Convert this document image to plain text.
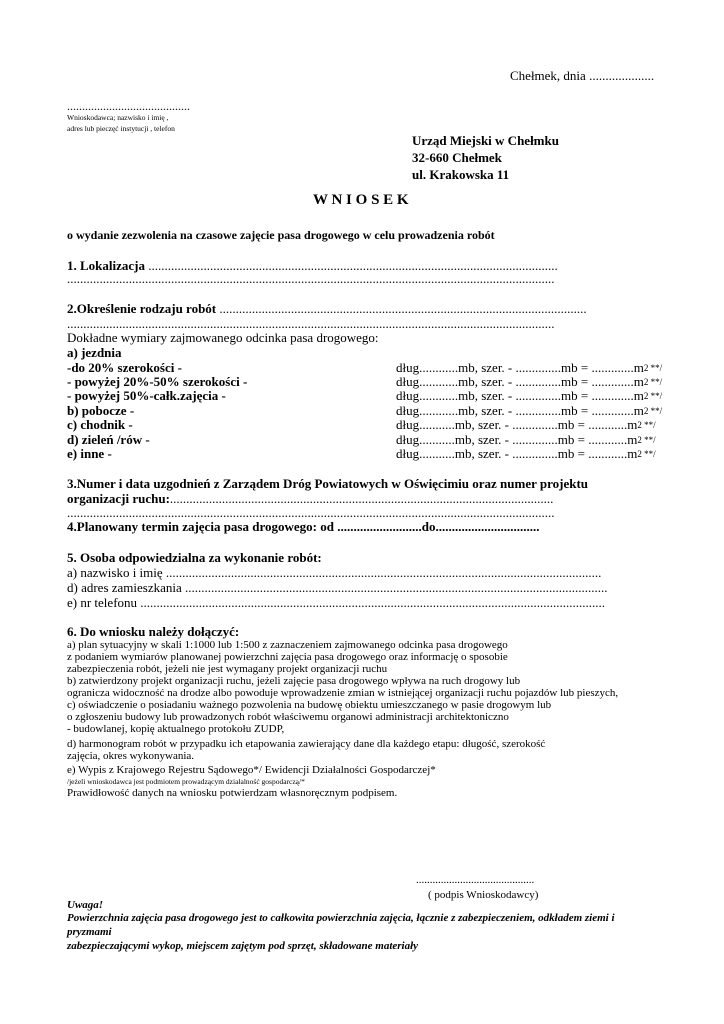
Chełmek, dnia ....................
.........................................
Wnioskodawca; nazwisko i imię ,
adres lub pieczęć instytucji , telefon
Urząd Miejski w Chełmku
32-660 Chełmek
ul. Krakowska 11
W N I O S E K
o wydanie zezwolenia na czasowe zajęcie pasa drogowego w celu prowadzenia robót
1. Lokalizacja ..............................................................................................................................
......................................................................................................................................................
2.Określenie rodzaju robót .................................................................................................................
......................................................................................................................................................
Dokładne wymiary zajmowanego odcinka pasa drogowego:
a) jezdnia
-do 20% szerokości -	dług............mb, szer. - ..............mb = .............m2 **/
- powyżej 20%-50% szerokości -	dług............mb, szer. - ..............mb = .............m2 **/
- powyżej 50%-całk.zajęcia -	dług............mb, szer. - ..............mb = .............m2 **/
b) pobocze -	dług............mb, szer. - ..............mb = .............m2 **/
c) chodnik -	dług...........mb, szer. - ..............mb = ............m2 **/
d) zieleń /rów -	dług...........mb, szer. - ..............mb = ............m2 **/
e) inne -	dług...........mb, szer. - ..............mb = ............m2 **/
3.Numer i data uzgodnień z Zarządem Dróg Powiatowych w Oświęcimiu oraz numer projektu
organizacji ruchu:......................................................................................................................
......................................................................................................................................................
4.Planowany termin zajęcia pasa drogowego: od ..........................do................................
5. Osoba odpowiedzialna za wykonanie robót:
a) nazwisko i imię ......................................................................................................................................
d) adres zamieszkania ..................................................................................................................................
e) nr telefonu ...............................................................................................................................................
6. Do wniosku należy dołączyć:
a) plan sytuacyjny w skali 1:1000 lub 1:500 z zaznaczeniem zajmowanego odcinka pasa drogowego
z podaniem wymiarów planowanej powierzchni zajęcia pasa drogowego oraz informację o sposobie
zabezpieczenia robót, jeżeli nie jest wymagany projekt organizacji ruchu
b) zatwierdzony projekt organizacji ruchu, jeżeli zajęcie pasa drogowego wpływa na ruch drogowy lub
ogranicza widoczność na drodze albo powoduje wprowadzenie zmian w istniejącej organizacji ruchu pojazdów lub pieszych,
c) oświadczenie o posiadaniu ważnego pozwolenia na budowę obiektu umieszczanego w pasie drogowym lub
o zgłoszeniu budowy lub prowadzonych robót właściwemu organowi administracji architektoniczno
- budowlanej, kopię aktualnego protokołu ZUDP,
d) harmonogram robót w przypadku ich etapowania zawierający dane dla każdego etapu: długość, szerokość
zajęcia, okres wykonywania.
e) Wypis z Krajowego Rejestru Sądowego*/ Ewidencji Działalności Gospodarczej*
/jeżeli wnioskodawca jest podmiotem prowadzącym działalność gospodarczą/*
Prawidłowość danych na wniosku potwierdzam własnoręcznym podpisem.
...........................................
( podpis Wnioskodawcy)
Uwaga!
Powierzchnia zajęcia pasa drogowego jest to całkowita powierzchnia zajęcia, łącznie z zabezpieczeniem, odkładem ziemi i
pryzmami
zabezpieczającymi wykop, miejscem zajętym pod sprzęt, składowane materiały
